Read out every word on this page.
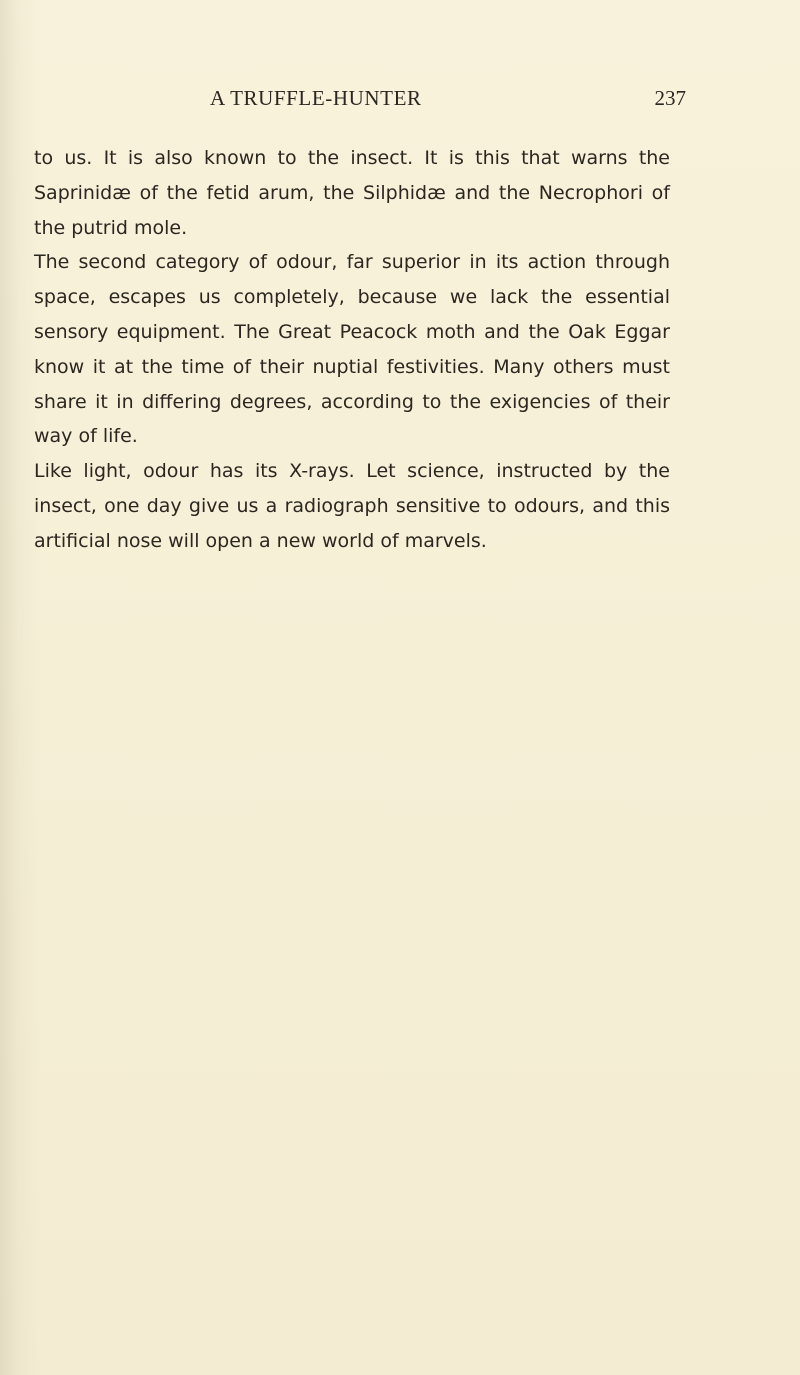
A TRUFFLE-HUNTER	237

to us. It is also known to the insect. It is this that warns the Saprinidæ of the fetid arum, the Silphidæ and the Necrophori of the putrid mole.

The second category of odour, far superior in its action through space, escapes us completely, because we lack the essential sensory equipment. The Great Peacock moth and the Oak Eggar know it at the time of their nuptial festivities. Many others must share it in differing degrees, according to the exigencies of their way of life.

Like light, odour has its X-rays. Let science, instructed by the insect, one day give us a radiograph sensitive to odours, and this artificial nose will open a new world of marvels.
